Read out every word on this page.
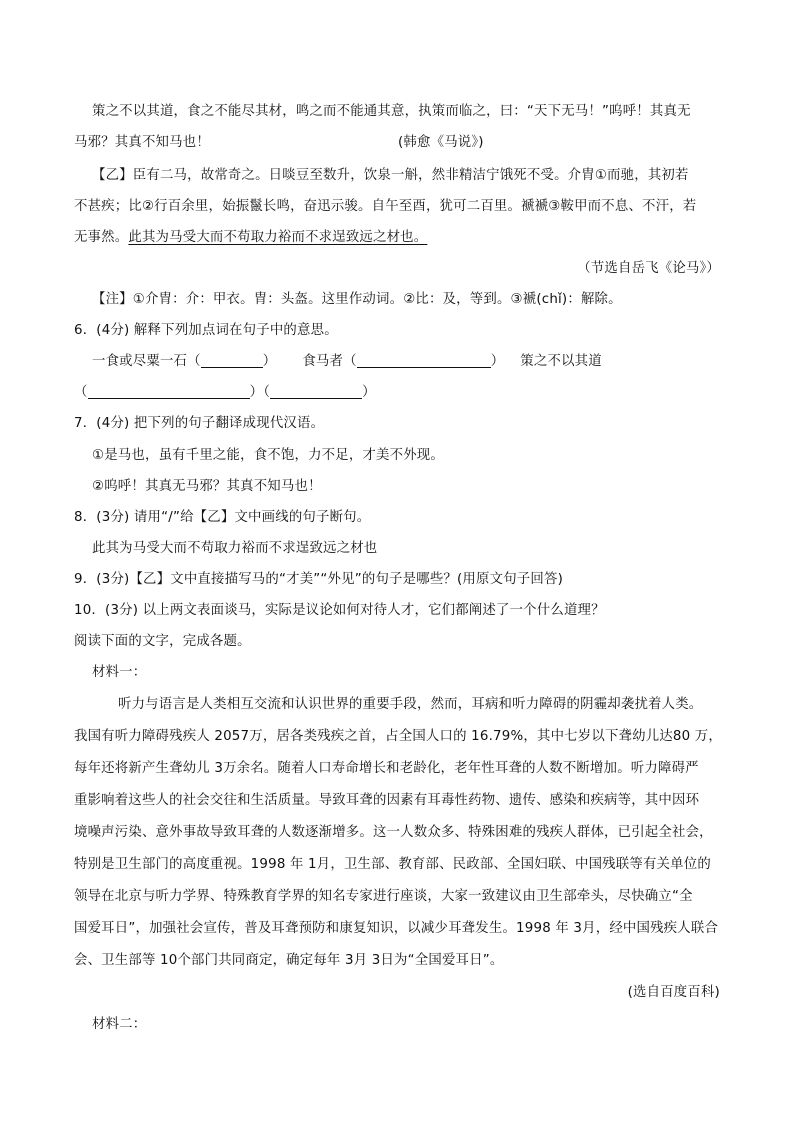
策之不以其道，食之不能尽其材，鸣之而不能通其意，执策而临之，曰：“天下无马！”呜呼！其真无
马邪？其真不知马也！	(韩愈《马说》)
【乙】臣有二马，故常奇之。日啖豆至数升，饮泉一斛，然非精洁宁饿死不受。介胄①而驰，其初若
不甚疾；比②行百余里，始振鬣长鸣，奋迅示骏。自午至酉，犹可二百里。褫褫③鞍甲而不息、不汗，若
无事然。此其为马受大而不苟取力裕而不求逞致远之材也。
（节选自岳飞《论马》）
【注】①介胄：介：甲衣。胄：头盔。这里作动词。②比：及，等到。③褫(chǐ)：解除。
6．(4分) 解释下列加点词在句子中的意思。
一食或尽粟一石（	） 食马者（	） 策之不以其道
（	）（	）
7．(4分) 把下列的句子翻译成现代汉语。
①是马也，虽有千里之能，食不饱，力不足，才美不外现。
②呜呼！其真无马邪？其真不知马也！
8．(3分) 请用“/”给【乙】文中画线的句子断句。
此其为马受大而不苟取力裕而不求逞致远之材也
9．(3分)【乙】文中直接描写马的“才美”“外见”的句子是哪些？(用原文句子回答)
10．(3分) 以上两文表面谈马，实际是议论如何对待人才，它们都阐述了一个什么道理？
阅读下面的文字，完成各题。
材料一：
听力与语言是人类相互交流和认识世界的重要手段，然而，耳病和听力障碍的阴霾却袭扰着人类。
我国有听力障碍残疾人 2057万，居各类残疾之首，占全国人口的 16.79%，其中七岁以下聋幼儿达80 万，
每年还将新产生聋幼儿 3万余名。随着人口寿命增长和老龄化，老年性耳聋的人数不断增加。听力障碍严
重影响着这些人的社会交往和生活质量。导致耳聋的因素有耳毒性药物、遗传、感染和疾病等，其中因环
境噪声污染、意外事故导致耳聋的人数逐渐增多。这一人数众多、特殊困难的残疾人群体，已引起全社会，
特别是卫生部门的高度重视。1998 年 1月，卫生部、教育部、民政部、全国妇联、中国残联等有关单位的
领导在北京与听力学界、特殊教育学界的知名专家进行座谈，大家一致建议由卫生部牵头，尽快确立“全
国爱耳日”，加强社会宣传，普及耳聋预防和康复知识，以减少耳聋发生。1998 年 3月，经中国残疾人联合
会、卫生部等 10个部门共同商定，确定每年 3月 3日为“全国爱耳日”。
(选自百度百科)
材料二：
